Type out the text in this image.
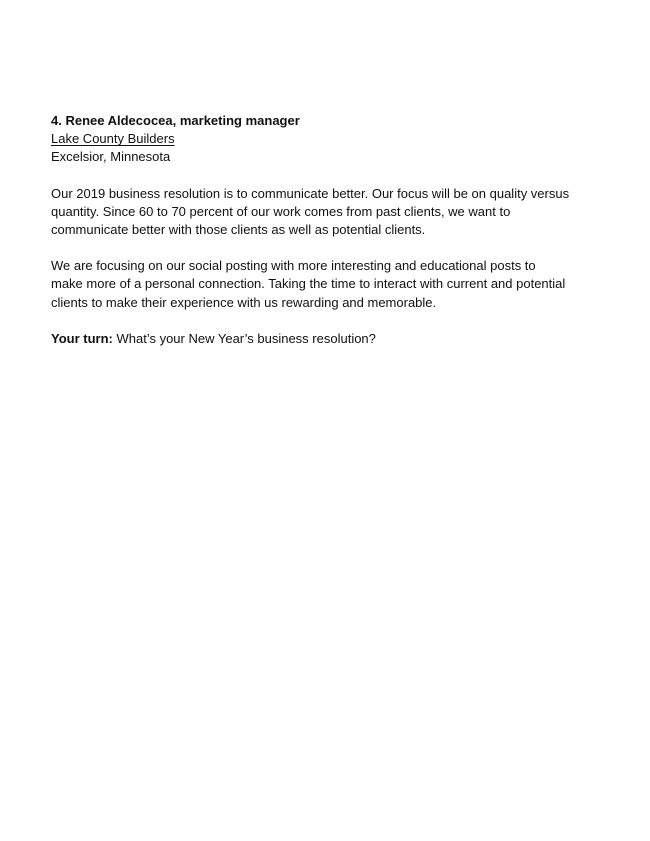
4. Renee Aldecocea, marketing manager

Lake County Builders

Excelsior, Minnesota

Our 2019 business resolution is to communicate better. Our focus will be on quality versus quantity. Since 60 to 70 percent of our work comes from past clients, we want to communicate better with those clients as well as potential clients.

We are focusing on our social posting with more interesting and educational posts to make more of a personal connection. Taking the time to interact with current and potential clients to make their experience with us rewarding and memorable.

Your turn: What’s your New Year’s business resolution?
